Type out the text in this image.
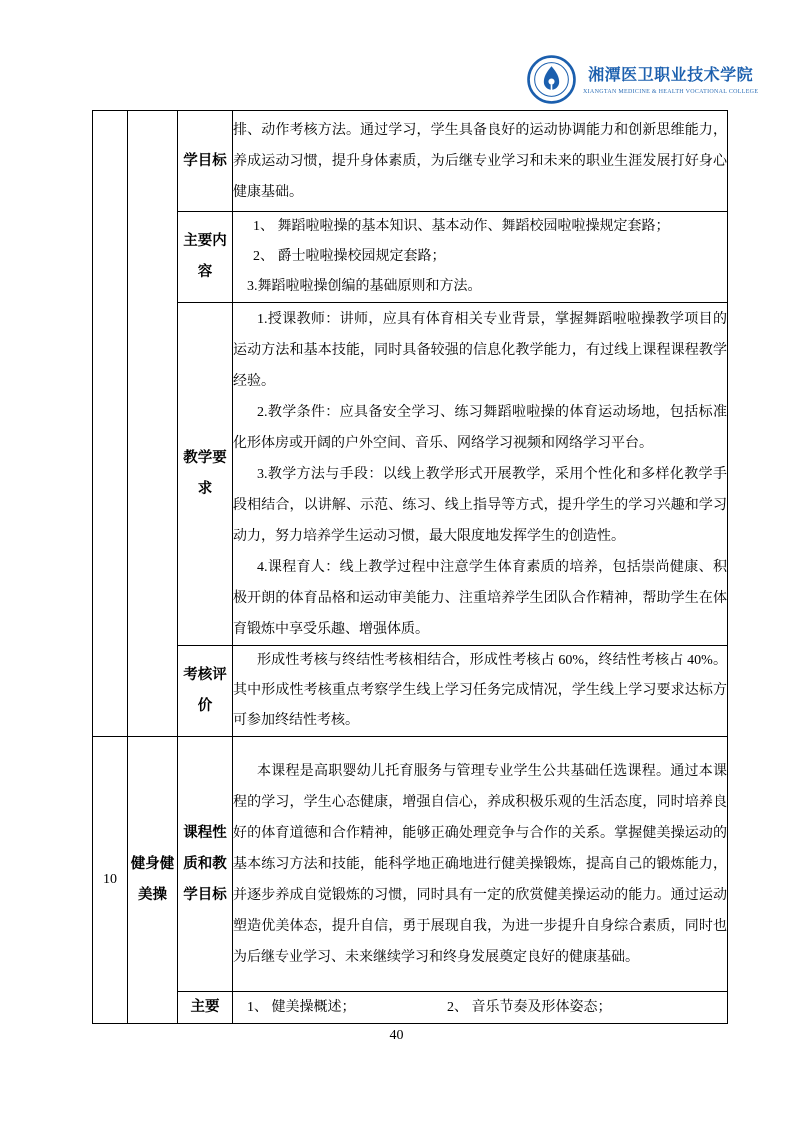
湘潭医卫职业技术学院
XIANGTAN MEDICINE & HEALTH VOCATIONAL COLLEGE
		学目标	排、动作考核方法。通过学习，学生具备良好的运动协调能力和创新思维能力，养成运动习惯，提升身体素质，为后继专业学习和未来的职业生涯发展打好身心健康基础。

		主要内容	1、 舞蹈啦啦操的基本知识、基本动作、舞蹈校园啦啦操规定套路；
2、 爵士啦啦操校园规定套路；
3.舞蹈啦啦操创编的基础原则和方法。

		教学要求	1.授课教师：讲师，应具有体育相关专业背景，掌握舞蹈啦啦操教学项目的运动方法和基本技能，同时具备较强的信息化教学能力，有过线上课程课程教学经验。
2.教学条件：应具备安全学习、练习舞蹈啦啦操的体育运动场地，包括标准化形体房或开阔的户外空间、音乐、网络学习视频和网络学习平台。
3.教学方法与手段：以线上教学形式开展教学，采用个性化和多样化教学手段相结合，以讲解、示范、练习、线上指导等方式，提升学生的学习兴趣和学习动力，努力培养学生运动习惯，最大限度地发挥学生的创造性。
4.课程育人：线上教学过程中注意学生体育素质的培养，包括崇尚健康、积极开朗的体育品格和运动审美能力、注重培养学生团队合作精神，帮助学生在体育锻炼中享受乐趣、增强体质。

		考核评价	形成性考核与终结性考核相结合，形成性考核占 60%，终结性考核占 40%。其中形成性考核重点考察学生线上学习任务完成情况，学生线上学习要求达标方可参加终结性考核。

10	健身健美操	课程性质和教学目标	本课程是高职婴幼儿托育服务与管理专业学生公共基础任选课程。通过本课程的学习，学生心态健康，增强自信心，养成积极乐观的生活态度，同时培养良好的体育道德和合作精神，能够正确处理竞争与合作的关系。掌握健美操运动的基本练习方法和技能，能科学地正确地进行健美操锻炼，提高自己的锻炼能力，并逐步养成自觉锻炼的习惯，同时具有一定的欣赏健美操运动的能力。通过运动塑造优美体态，提升自信，勇于展现自我，为进一步提升自身综合素质，同时也为后继专业学习、未来继续学习和终身发展奠定良好的健康基础。

		主要	1、 健美操概述； 2、 音乐节奏及形体姿态；
40
